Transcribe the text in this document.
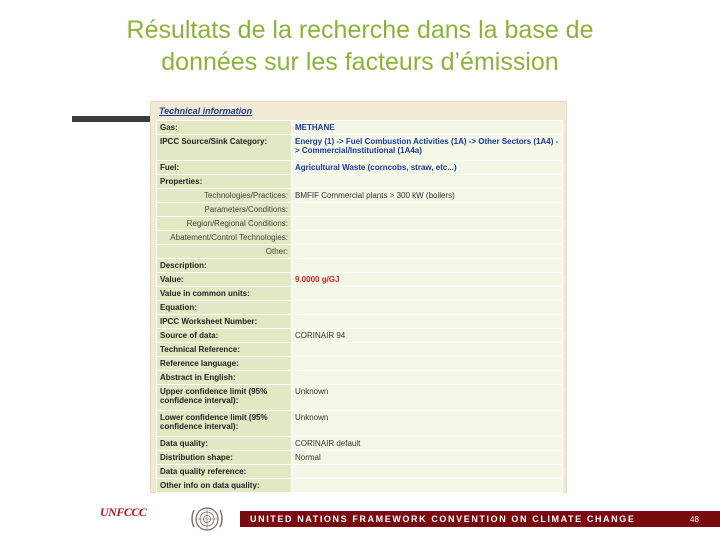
Résultats de la recherche dans la base de
données sur les facteurs d’émission
Technical information
Gas:	METHANE
IPCC Source/Sink Category:	Energy (1) -> Fuel Combustion Activities (1A) -> Other Sectors (1A4) -> Commercial/Institutional (1A4a)
Fuel:	Agricultural Waste (corncobs, straw, etc...)
Properties:	
Technologies/Practices:	BMFIF Commercial plants > 300 kW (boilers)
Parameters/Conditions:	
Region/Regional Conditions:	
Abatement/Control Technologies:	
Other:	
Description:	
Value:	9.0000 g/GJ
Value in common units:	
Equation:	
IPCC Worksheet Number:	
Source of data:	CORINAIR 94
Technical Reference:	
Reference language:	
Abstract in English:	
Upper confidence limit (95% confidence interval):	Unknown
Lower confidence limit (95% confidence interval):	Unknown
Data quality:	CORINAIR default
Distribution shape:	Normal
Data quality reference:	
Other info on data quality:	
UNFCCC	UNITED NATIONS FRAMEWORK CONVENTION ON CLIMATE CHANGE	48
